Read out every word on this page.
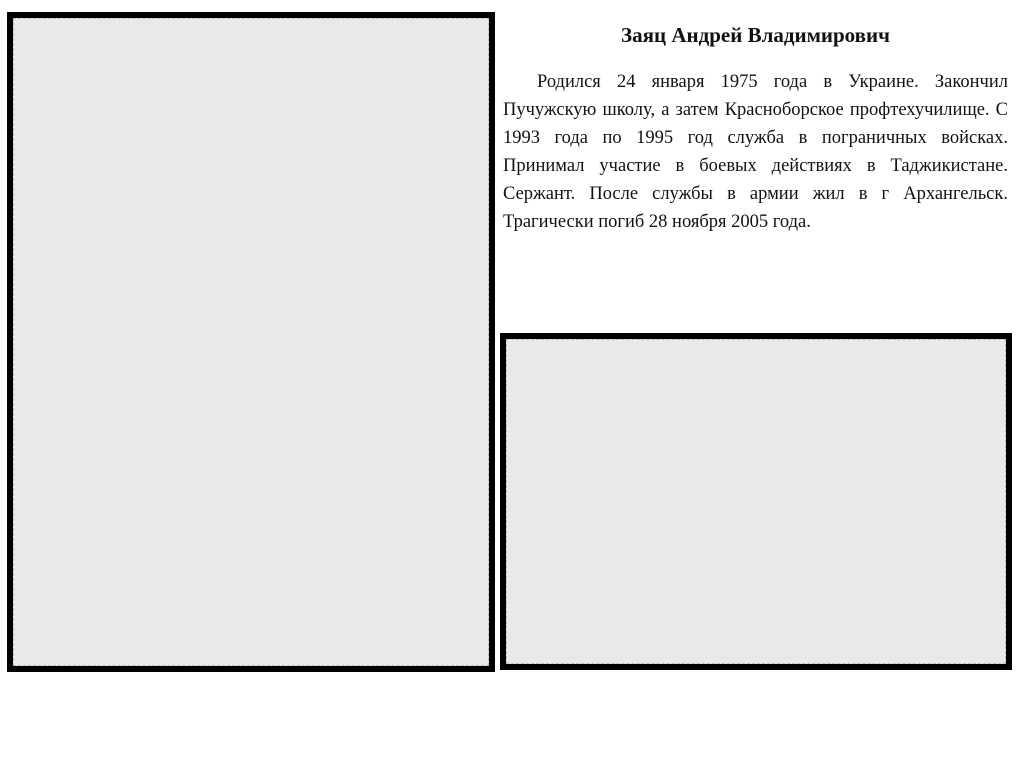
Заяц Андрей Владимирович

Родился 24 января 1975 года в Украине. Закончил Пучужскую школу, а затем Красноборское профтехучилище. С 1993 года по 1995 год служба в пограничных войсках. Принимал участие в боевых действиях в Таджикистане. Сержант. После службы в армии жил в г Архангельск. Трагически погиб 28 ноября 2005 года.
